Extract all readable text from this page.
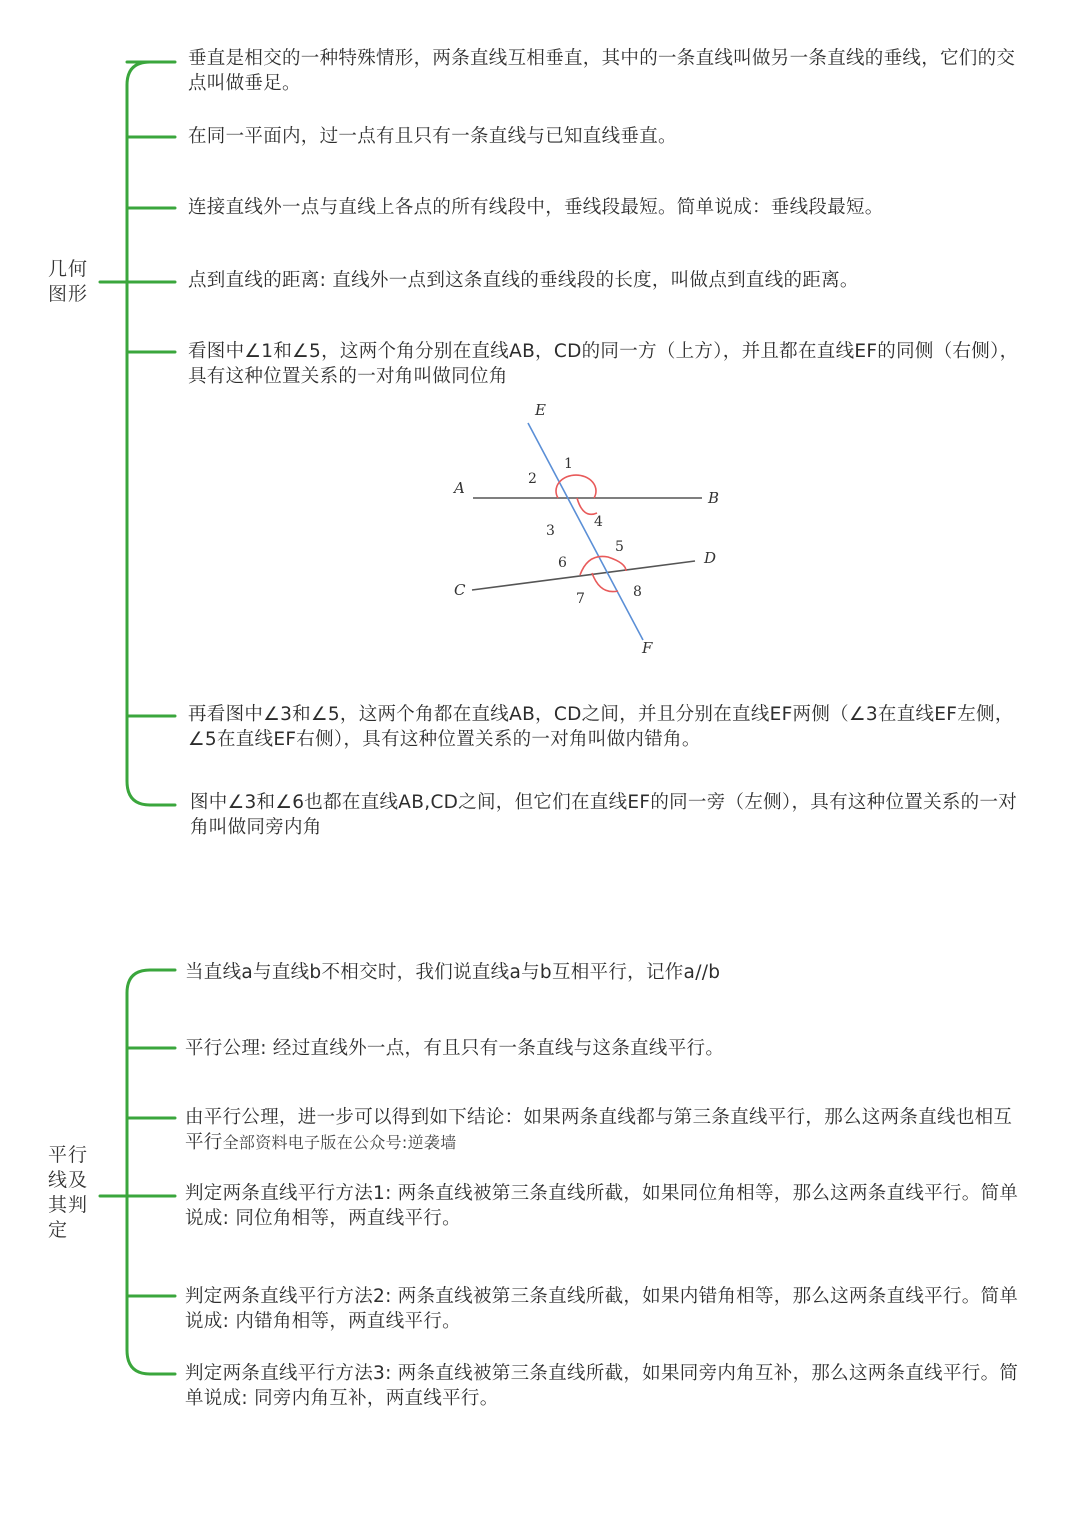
几何
图形
垂直是相交的一种特殊情形，两条直线互相垂直，其中的一条直线叫做另一条直线的垂线，它们的交点叫做垂足。
在同一平面内，过一点有且只有一条直线与已知直线垂直。
连接直线外一点与直线上各点的所有线段中，垂线段最短。简单说成：垂线段最短。
点到直线的距离: 直线外一点到这条直线的垂线段的长度，叫做点到直线的距离。
看图中∠1和∠5，这两个角分别在直线AB，CD的同一方（上方），并且都在直线EF的同侧（右侧），具有这种位置关系的一对角叫做同位角
E
F
A
B
C
D
1
2
3
4
5
6
7	8
再看图中∠3和∠5，这两个角都在直线AB，CD之间，并且分别在直线EF两侧（∠3在直线EF左侧，∠5在直线EF右侧），具有这种位置关系的一对角叫做内错角。
图中∠3和∠6也都在直线AB,CD之间，但它们在直线EF的同一旁（左侧），具有这种位置关系的一对角叫做同旁内角
平行
线及
其判
定
当直线a与直线b不相交时，我们说直线a与b互相平行，记作a//b
平行公理: 经过直线外一点，有且只有一条直线与这条直线平行。
由平行公理，进一步可以得到如下结论：如果两条直线都与第三条直线平行，那么这两条直线也相互平行全部资料电子版在公众号:逆袭墙
判定两条直线平行方法1: 两条直线被第三条直线所截，如果同位角相等，那么这两条直线平行。简单说成: 同位角相等，两直线平行。
判定两条直线平行方法2: 两条直线被第三条直线所截，如果内错角相等，那么这两条直线平行。简单说成: 内错角相等，两直线平行。
判定两条直线平行方法3: 两条直线被第三条直线所截，如果同旁内角互补，那么这两条直线平行。简单说成: 同旁内角互补，两直线平行。
